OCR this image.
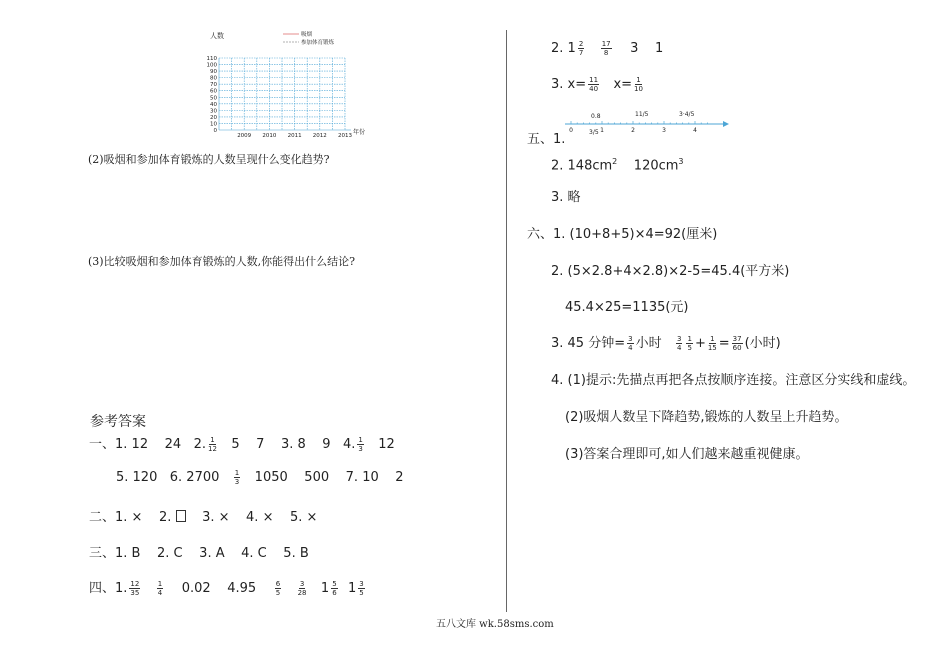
人数	吸烟
参加体育锻炼
110
100
90
80
70
60
50
40
30
20
10
0
2009 2010 2011 2012 2013 年份
(2)吸烟和参加体育锻炼的人数呈现什么变化趋势?
(3)比较吸烟和参加体育锻炼的人数,你能得出什么结论?
参考答案
一、1. 12 24 2. $\frac{1}{12} 5$ 7 3. 8 9 4. $\frac{1}{3} 12$
5. 120 6. $2700 \frac{1}{3} 1050$ 500 7. 10 2
二、1. × 2.     3. × 4. × 5. ×
三、1. B 2. C 3. A 4. C 5. B
四、1. $\frac{12}{35}$
$\frac{1}{4} 0.02$ 4.95	$\frac{6}{5}$
$\frac{3}{28}$
$1 \frac{5}{6}$
$1 \frac{3}{5}$
2. $1 \frac{2}{7}$
$\frac{17}{8} 3$ 1
3. $x= \frac{11}{40} x= \frac{1}{10}$
五、1.
0	1	2	3	4
0.8
3/5
11/5	3·4/5
2. $148cm^2$ $120cm^3$
3. 略
六、1. (10+8+5)×4=92(厘米)
2. (5×2.8+4×2.8)×2-5=45.4(平方米)
45.4×25=1135(元)
3. 45 分钟= $\frac{3}{4}$ 小时 $\frac{3}{4} \frac{1}{5} + \frac{1}{15} = \frac{37}{60}$ (小时)
4. (1)提示:先描点再把各点按顺序连接。注意区分实线和虚线。
(2)吸烟人数呈下降趋势,锻炼的人数呈上升趋势。
(3)答案合理即可,如人们越来越重视健康。
五八文库 wk.58sms.com
